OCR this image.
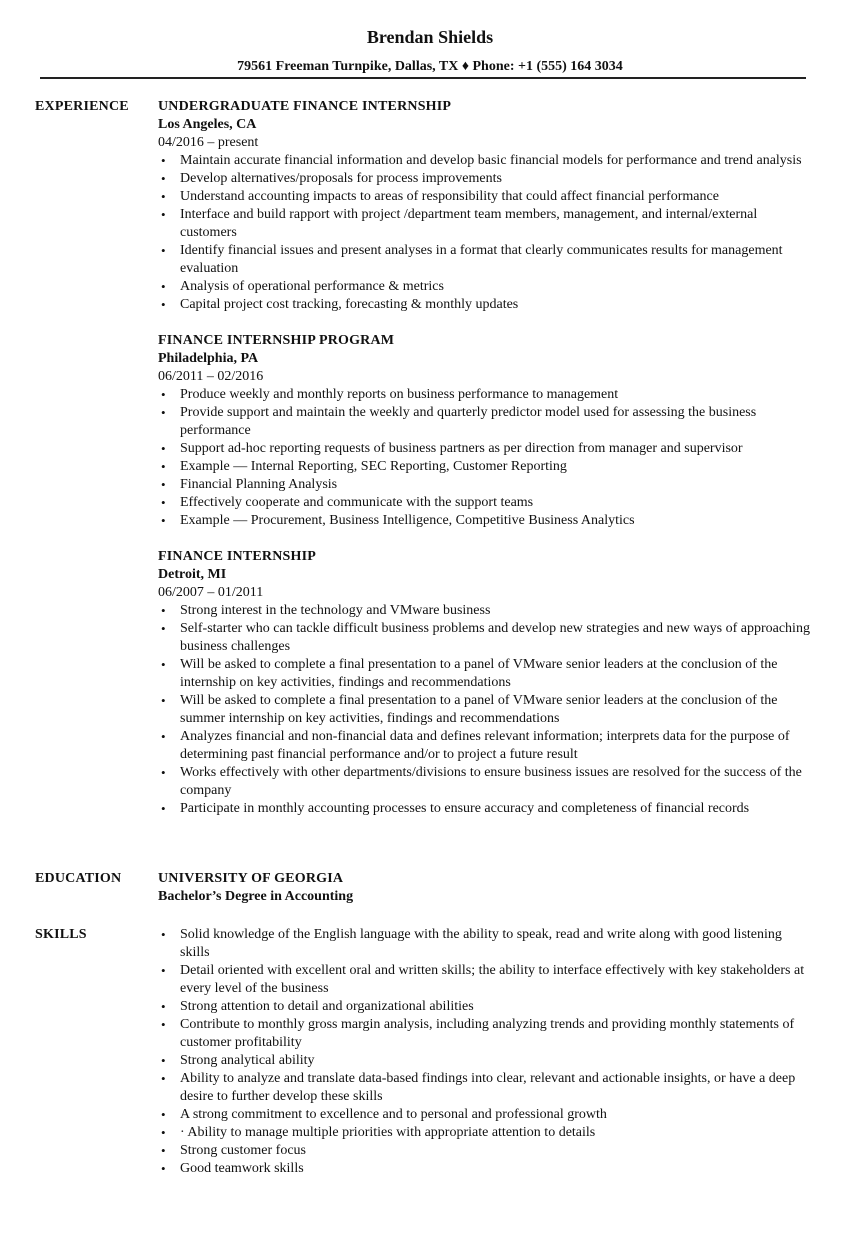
Brendan Shields
79561 Freeman Turnpike, Dallas, TX ♦ Phone: +1 (555) 164 3034
EXPERIENCE UNDERGRADUATE FINANCE INTERNSHIP
Los Angeles, CA
04/2016 – present
• Maintain accurate financial information and develop basic financial models for performance and trend analysis
• Develop alternatives/proposals for process improvements
• Understand accounting impacts to areas of responsibility that could affect financial performance
• Interface and build rapport with project /department team members, management, and internal/external customers
• Identify financial issues and present analyses in a format that clearly communicates results for management evaluation
• Analysis of operational performance & metrics
• Capital project cost tracking, forecasting & monthly updates
FINANCE INTERNSHIP PROGRAM
Philadelphia, PA
06/2011 – 02/2016
• Produce weekly and monthly reports on business performance to management
• Provide support and maintain the weekly and quarterly predictor model used for assessing the business performance
• Support ad-hoc reporting requests of business partners as per direction from manager and supervisor
• Example — Internal Reporting, SEC Reporting, Customer Reporting
• Financial Planning Analysis
• Effectively cooperate and communicate with the support teams
• Example — Procurement, Business Intelligence, Competitive Business Analytics
FINANCE INTERNSHIP
Detroit, MI
06/2007 – 01/2011
• Strong interest in the technology and VMware business
• Self-starter who can tackle difficult business problems and develop new strategies and new ways of approaching business challenges
• Will be asked to complete a final presentation to a panel of VMware senior leaders at the conclusion of the internship on key activities, findings and recommendations
• Will be asked to complete a final presentation to a panel of VMware senior leaders at the conclusion of the summer internship on key activities, findings and recommendations
• Analyzes financial and non-financial data and defines relevant information; interprets data for the purpose of determining past financial performance and/or to project a future result
• Works effectively with other departments/divisions to ensure business issues are resolved for the success of the company
• Participate in monthly accounting processes to ensure accuracy and completeness of financial records
EDUCATION	UNIVERSITY OF GEORGIA
Bachelor’s Degree in Accounting
SKILLS
•	Solid knowledge of the English language with the ability to speak, read and write along with good listening skills
• Detail oriented with excellent oral and written skills; the ability to interface effectively with key stakeholders at every level of the business
• Strong attention to detail and organizational abilities
• Contribute to monthly gross margin analysis, including analyzing trends and providing monthly statements of customer profitability
• Strong analytical ability
• Ability to analyze and translate data-based findings into clear, relevant and actionable insights, or have a deep desire to further develop these skills
• A strong commitment to excellence and to personal and professional growth
• · Ability to manage multiple priorities with appropriate attention to details
• Strong customer focus
• Good teamwork skills
